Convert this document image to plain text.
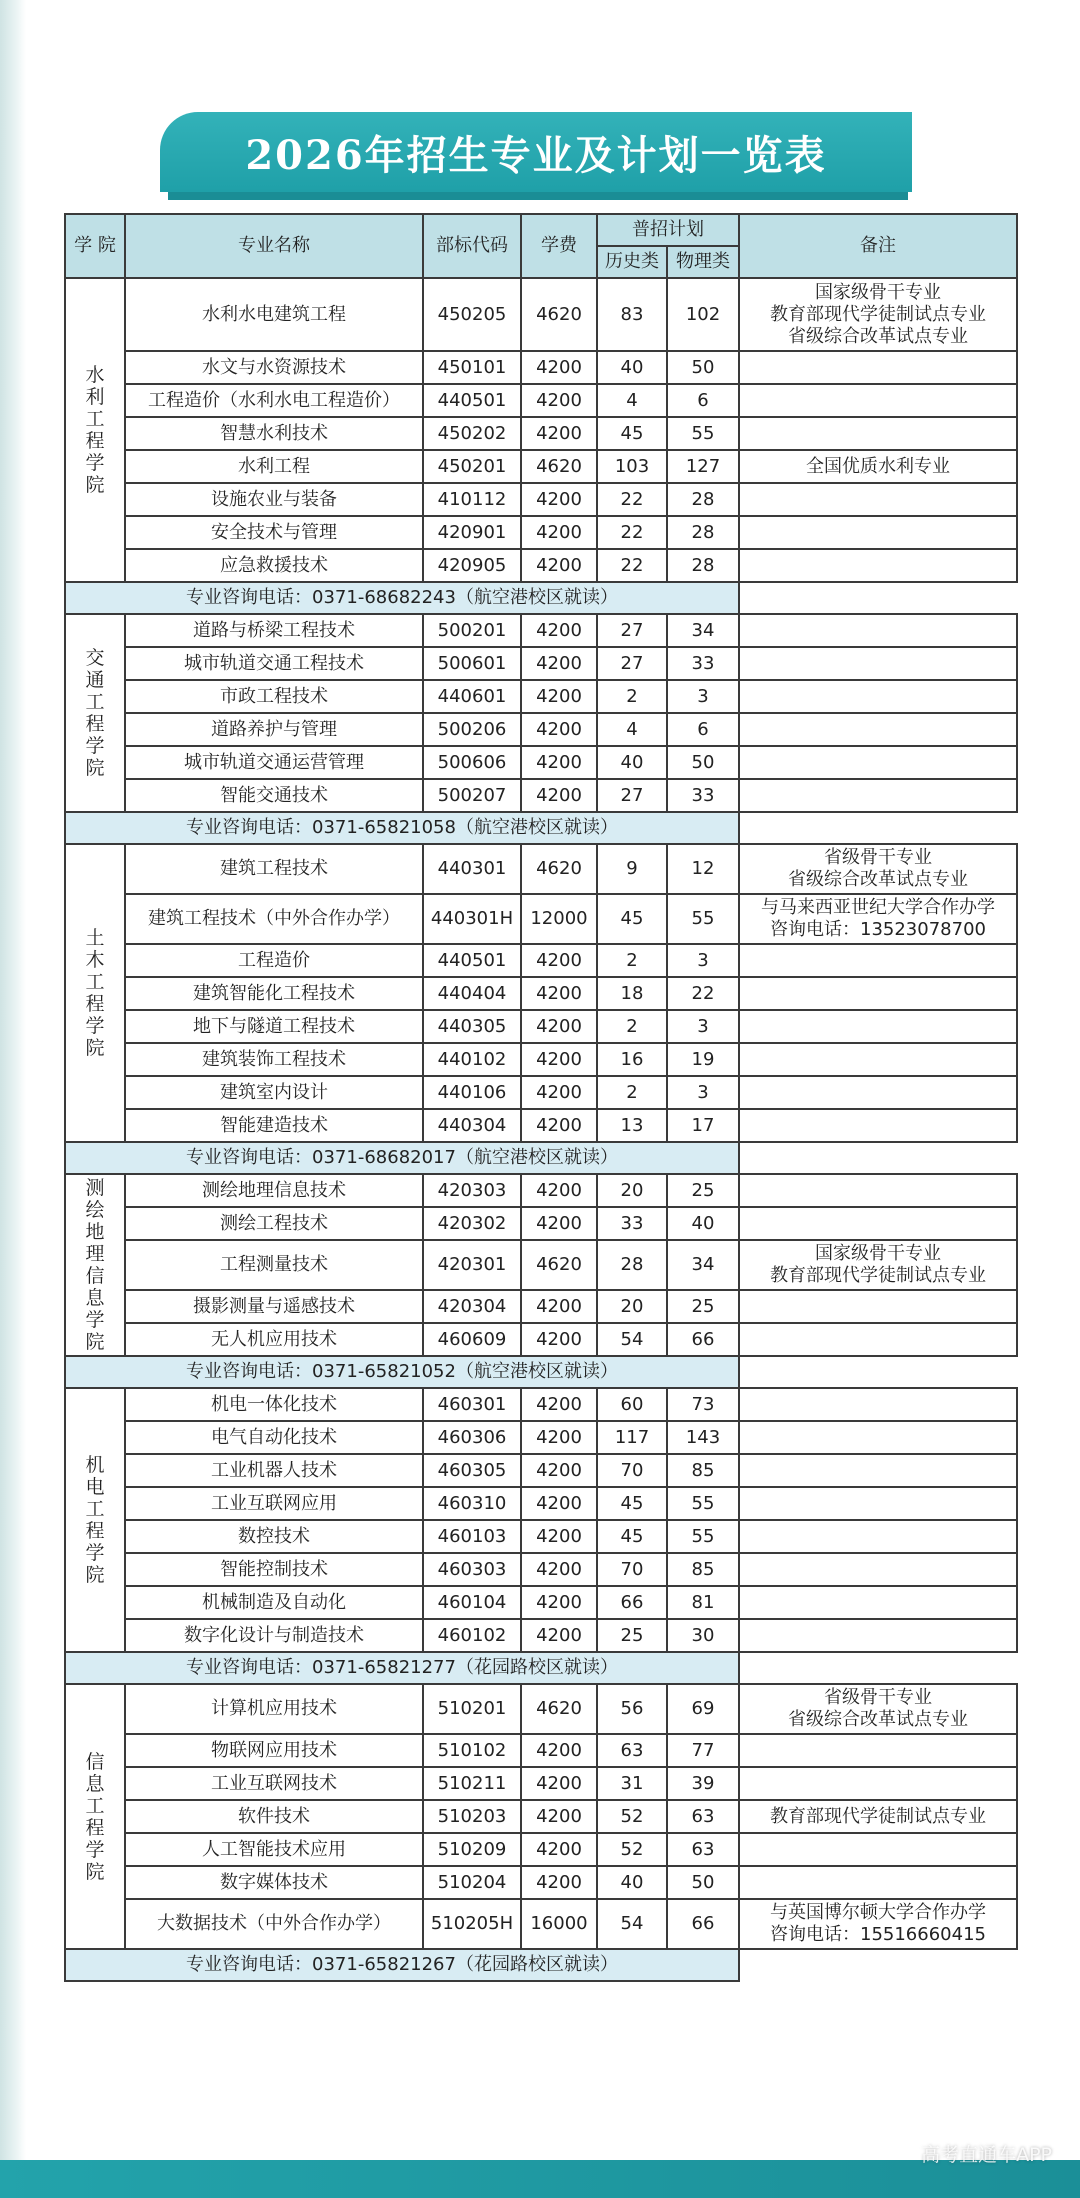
2026年招生专业及计划一览表
学 院	专业名称	部标代码	学费	普招计划		备注
				历史类	物理类	

水利工程学院	水利水电建筑工程	450205	4620	83	102	国家级骨干专业
教育部现代学徒制试点专业
省级综合改革试点专业

	水文与水资源技术	450101	4200	40	50	
	工程造价（水利水电工程造价）	440501	4200	4	6	
	智慧水利技术	450202	4200	45	55	
	水利工程	450201	4620	103	127	全国优质水利专业

	设施农业与装备	410112	4200	22	28	
	安全技术与管理	420901	4200	22	28	
	应急救援技术	420905	4200	22	28	
专业咨询电话：0371-68682243（航空港校区就读）						

交通工程学院	道路与桥梁工程技术	500201	4200	27	34	
	城市轨道交通工程技术	500601	4200	27	33	
	市政工程技术	440601	4200	2	3	
	道路养护与管理	500206	4200	4	6	
	城市轨道交通运营管理	500606	4200	40	50	
	智能交通技术	500207	4200	27	33	
专业咨询电话：0371-65821058（航空港校区就读）						

土木工程学院	建筑工程技术	440301	4620	9	12	省级骨干专业
省级综合改革试点专业

	建筑工程技术（中外合作办学）	440301H	12000	45	55	与马来西亚世纪大学合作办学
咨询电话：13523078700

	工程造价	440501	4200	2	3	
	建筑智能化工程技术	440404	4200	18	22	
	地下与隧道工程技术	440305	4200	2	3	
	建筑装饰工程技术	440102	4200	16	19	
	建筑室内设计	440106	4200	2	3	
	智能建造技术	440304	4200	13	17	
专业咨询电话：0371-68682017（航空港校区就读）						

测绘地理信息学院	测绘地理信息技术	420303	4200	20	25	
	测绘工程技术	420302	4200	33	40	
	工程测量技术	420301	4620	28	34	国家级骨干专业
教育部现代学徒制试点专业

	摄影测量与遥感技术	420304	4200	20	25	
	无人机应用技术	460609	4200	54	66	
专业咨询电话：0371-65821052（航空港校区就读）						

机电工程学院	机电一体化技术	460301	4200	60	73	
	电气自动化技术	460306	4200	117	143	
	工业机器人技术	460305	4200	70	85	
	工业互联网应用	460310	4200	45	55	
	数控技术	460103	4200	45	55	
	智能控制技术	460303	4200	70	85	
	机械制造及自动化	460104	4200	66	81	
	数字化设计与制造技术	460102	4200	25	30	
专业咨询电话：0371-65821277（花园路校区就读）						

信息工程学院	计算机应用技术	510201	4620	56	69	省级骨干专业
省级综合改革试点专业

	物联网应用技术	510102	4200	63	77	
	工业互联网技术	510211	4200	31	39	
	软件技术	510203	4200	52	63	教育部现代学徒制试点专业

	人工智能技术应用	510209	4200	52	63	
	数字媒体技术	510204	4200	40	50	
	大数据技术（中外合作办学）	510205H	16000	54	66	与英国博尔顿大学合作办学
咨询电话：15516660415

专业咨询电话：0371-65821267（花园路校区就读）						
高考直通车APP
